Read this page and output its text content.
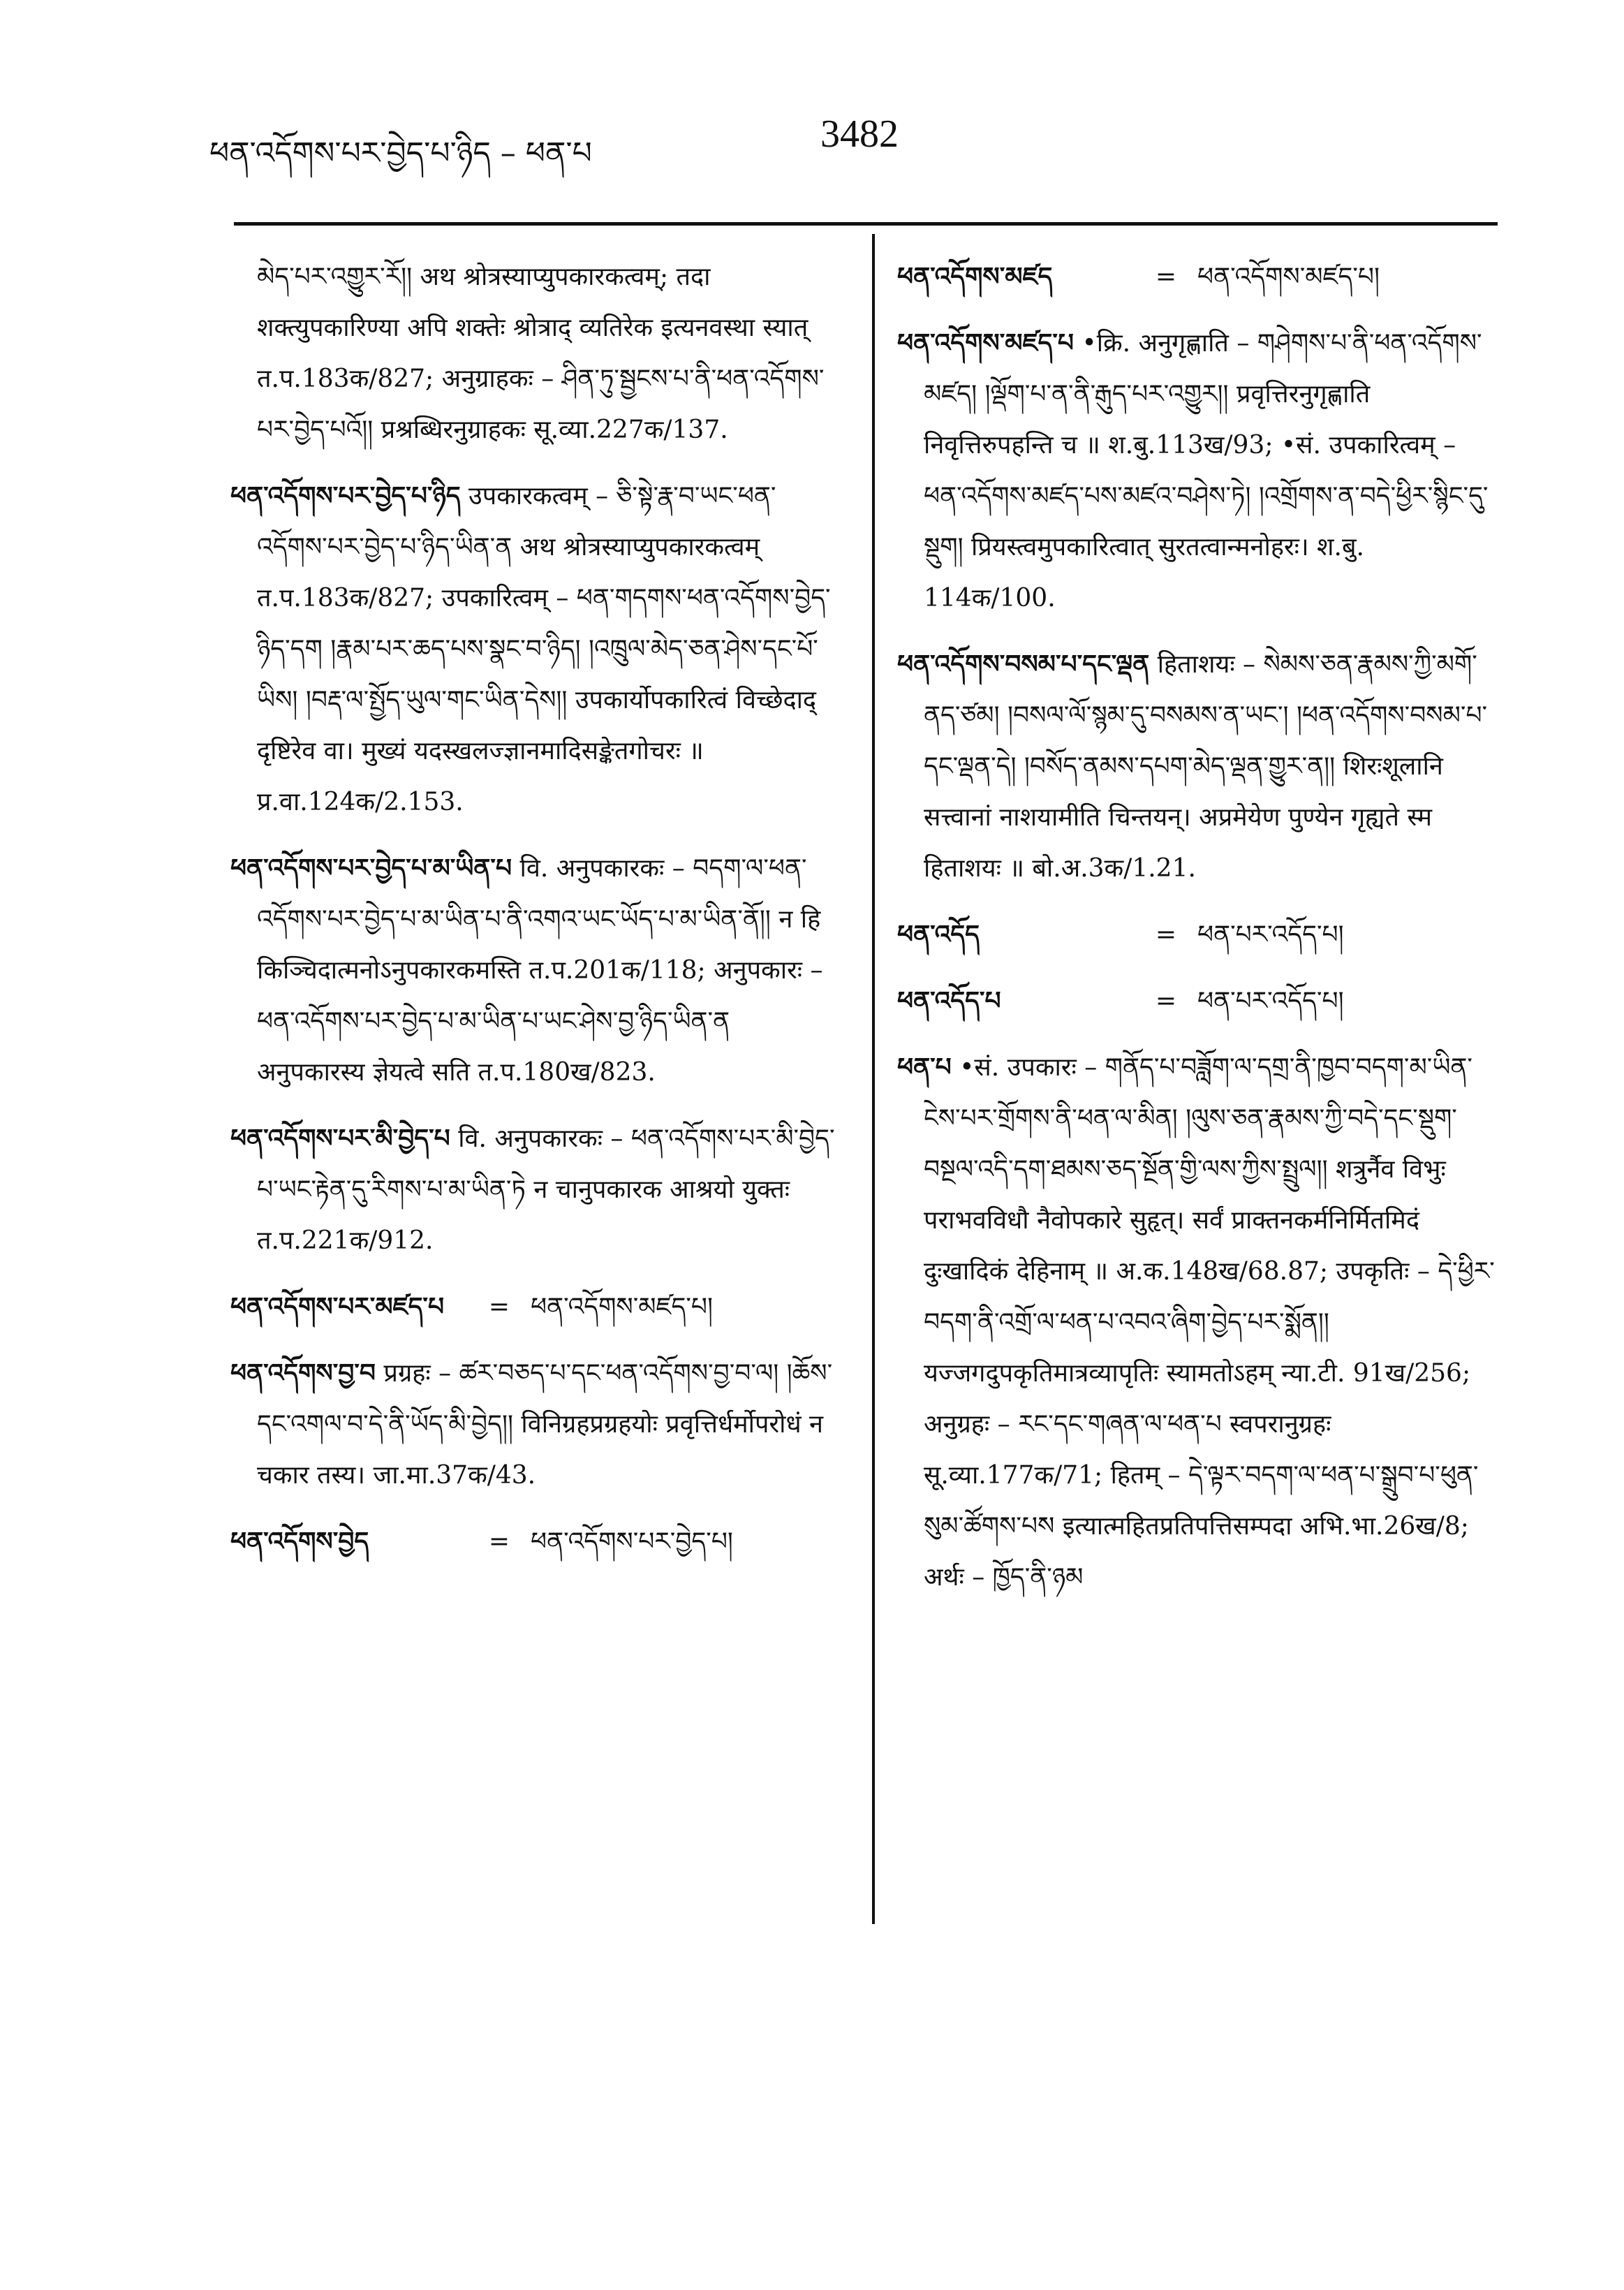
ཕན་འདོགས་པར་བྱེད་པ་ཉིད – ཕན་པ	3482
མེད་པར་འགྱུར་རོ།། अथ श्रोत्रस्याप्युपकारकत्वम्; तदा शक्त्युपकारिण्या अपि शक्तेः श्रोत्राद् व्यतिरेक इत्यनवस्था स्यात् त.प.183क/827; अनुग्राहकः – ཤིན་ཏུ་སྦྱངས་པ་ནི་ཕན་འདོགས་པར་བྱེད་པའོ།། प्रश्रब्धिरनुग्राहकः सू.व्या.227क/137.
ཕན་འདོགས་པར་བྱེད་པ་ཉིད उपकारकत्वम् – ཅི་སྟེ་རྣ་བ་ཡང་ཕན་འདོགས་པར་བྱེད་པ་ཉིད་ཡིན་ན अथ श्रोत्रस्याप्युपकारकत्वम् त.प.183क/827; उपकारित्वम् – ཕན་གདགས་ཕན་འདོགས་བྱེད་ཉིད་དག །རྣམ་པར་ཆད་པས་སྣང་བ་ཉིད། །འཁྲུལ་མེད་ཅན་ཤེས་དང་པོ་ཡིས། །བརྡ་ལ་སྤྱོད་ཡུལ་གང་ཡིན་དེས།། उपकार्योपकारित्वं विच्छेदाद् दृष्टिरेव वा। मुख्यं यदस्खलज्ज्ञानमादिसङ्केतगोचरः ॥ प्र.वा.124क/2.153.
ཕན་འདོགས་པར་བྱེད་པ་མ་ཡིན་པ वि. अनुपकारकः – བདག་ལ་ཕན་འདོགས་པར་བྱེད་པ་མ་ཡིན་པ་ནི་འགའ་ཡང་ཡོད་པ་མ་ཡིན་ནོ།། न हि किञ्चिदात्मनोऽनुपकारकमस्ति त.प.201क/118; अनुपकारः – ཕན་འདོགས་པར་བྱེད་པ་མ་ཡིན་པ་ཡང་ཤེས་བྱ་ཉིད་ཡིན་ན अनुपकारस्य ज्ञेयत्वे सति त.प.180ख/823.
ཕན་འདོགས་པར་མི་བྱེད་པ वि. अनुपकारकः – ཕན་འདོགས་པར་མི་བྱེད་པ་ཡང་རྟེན་དུ་རིགས་པ་མ་ཡིན་ཏེ न चानुपकारक आश्रयो युक्तः त.प.221क/912.
ཕན་འདོགས་པར་མཛད་པ	= ཕན་འདོགས་མཛད་པ།
ཕན་འདོགས་བྱ་བ प्रग्रहः – ཚར་བཅད་པ་དང་ཕན་འདོགས་བྱ་བ་ལ། །ཆོས་དང་འགལ་བ་དེ་ནི་ཡོད་མི་བྱེད།། विनिग्रहप्रग्रहयोः प्रवृत्तिर्धर्मोपरोधं न चकार तस्य। जा.मा.37क/43.
ཕན་འདོགས་བྱེད	= ཕན་འདོགས་པར་བྱེད་པ།
ཕན་འདོགས་མཛད	= ཕན་འདོགས་མཛད་པ།
ཕན་འདོགས་མཛད་པ •क्रि. अनुगृह्णाति – གཤེགས་པ་ནི་ཕན་འདོགས་མཛད། །ལྡོག་པ་ན་ནི་རྒུད་པར་འགྱུར།། प्रवृत्तिरनुगृह्णाति निवृत्तिरुपहन्ति च ॥ श.बु.113ख/93; •सं. उपकारित्वम् – ཕན་འདོགས་མཛད་པས་མཛའ་བཤེས་ཏེ། །འགྲོགས་ན་བདེ་ཕྱིར་སྙིང་དུ་སྡུག། प्रियस्त्वमुपकारित्वात् सुरतत्वान्मनोहरः। श.बु. 114क/100.
ཕན་འདོགས་བསམ་པ་དང་ལྡན हिताशयः – སེམས་ཅན་རྣམས་ཀྱི་མགོ་ནད་ཙམ། །བསལ་ལོ་སྙམ་དུ་བསམས་ན་ཡང་། །ཕན་འདོགས་བསམ་པ་དང་ལྡན་དེ། །བསོད་ནམས་དཔག་མེད་ལྡན་གྱུར་ན།། शिरःशूलानि सत्त्वानां नाशयामीति चिन्तयन्। अप्रमेयेण पुण्येन गृह्यते स्म हिताशयः ॥ बो.अ.3क/1.21.
ཕན་འདོད	= ཕན་པར་འདོད་པ།
ཕན་འདོད་པ	= ཕན་པར་འདོད་པ།
ཕན་པ •सं. उपकारः – གནོད་པ་བཟློག་ལ་དགྲ་ནི་ཁྱབ་བདག་མ་ཡིན་ངེས་པར་གྲོགས་ནི་ཕན་ལ་མིན། །ལུས་ཅན་རྣམས་ཀྱི་བདེ་དང་སྡུག་བསྔལ་འདི་དག་ཐམས་ཅད་སྔོན་གྱི་ལས་ཀྱིས་སྤྲུལ།། शत्रुर्नैव विभुः पराभवविधौ नैवोपकारे सुहृत्। सर्वं प्राक्तनकर्मनिर्मितमिदं दुःखादिकं देहिनाम् ॥ अ.क.148ख/68.87; उपकृतिः – དེ་ཕྱིར་བདག་ནི་འགྲོ་ལ་ཕན་པ་འབའ་ཞིག་བྱེད་པར་སྨོན།། यज्जगदुपकृतिमात्रव्यापृतिः स्यामतोऽहम् न्या.टी. 91ख/256; अनुग्रहः – རང་དང་གཞན་ལ་ཕན་པ स्वपरानुग्रहः सू.व्या.177क/71; हितम् – དེ་ལྟར་བདག་ལ་ཕན་པ་སྒྲུབ་པ་ཕུན་སུམ་ཚོགས་པས इत्यात्महितप्रतिपत्तिसम्पदा अभि.भा.26ख/8; अर्थः – ཁྱོད་ནི་ཉམ
